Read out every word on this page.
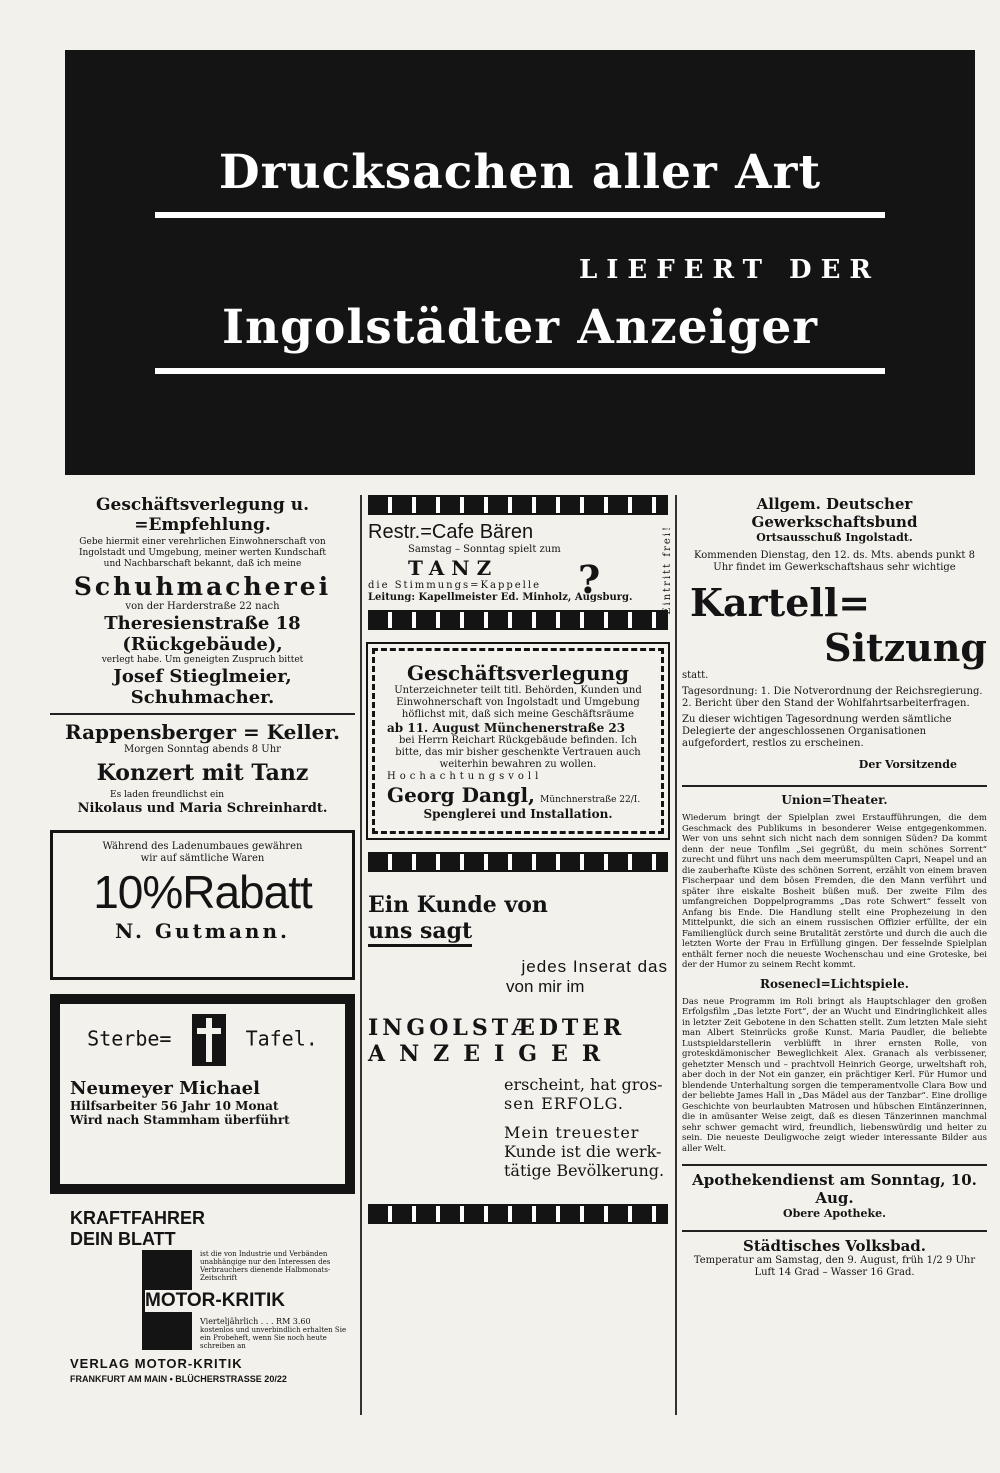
Drucksachen aller Art
LIEFERT DER
Ingolstädter Anzeiger
Geschäftsverlegung u. =Empfehlung.
Gebe hiermit einer verehrlichen Einwohnerschaft von Ingolstadt und Umgebung, meiner werten Kundschaft und Nachbarschaft bekannt, daß ich meine
Schuhmacherei
von der Harderstraße 22 nach
Theresienstraße 18 (Rückgebäude),
verlegt habe. Um geneigten Zuspruch bittet
Josef Stieglmeier, Schuhmacher.
Rappensberger = Keller.
Morgen Sonntag abends 8 Uhr
Konzert mit Tanz
Es laden freundlichst ein
Nikolaus und Maria Schreinhardt.
Während des Ladenumbaues gewähren wir auf sämtliche Waren
10%Rabatt
N. Gutmann.
Sterbe=	Tafel.
Neumeyer Michael
Hilfsarbeiter 56 Jahr 10 Monat
Wird nach Stammham überführt
KRAFTFAHRER
DEIN BLATT
ist die von Industrie und Verbänden unabhängige nur den Interessen des Verbrauchers dienende Halbmonats-Zeitschrift
MOTOR-KRITIK
Vierteljährlich . . . RM 3.60
kostenlos und unverbindlich erhalten Sie ein Probeheft, wenn Sie noch heute schreiben an
VERLAG MOTOR-KRITIK
FRANKFURT AM MAIN • BLÜCHERSTRASSE 20/22
Restr.=Cafe Bären
Samstag – Sonntag spielt zum
TANZ	?
die Stimmungs=Kappelle
Leitung: Kapellmeister Ed. Minholz, Augsburg.	Eintritt frei!
Geschäftsverlegung
Unterzeichneter teilt titl. Behörden, Kunden und Einwohnerschaft von Ingolstadt und Umgebung höflichst mit, daß sich meine Geschäftsräume
ab 11. August Münchenerstraße 23
bei Herrn Reichart Rückgebäude befinden. Ich bitte, das mir bisher geschenkte Vertrauen auch weiterhin bewahren zu wollen.
Hochachtungsvoll
Georg Dangl, Münchnerstraße 22/I.
Spenglerei und Installation.
Ein Kunde von
uns sagt
jedes Inserat das
von mir im
INGOLSTÆDTER
ANZEIGER
erscheint, hat gros-
sen ERFOLG.
Mein treuester
Kunde ist die werk-
tätige Bevölkerung.
Allgem. Deutscher Gewerkschaftsbund
Ortsausschuß Ingolstadt.
Kommenden Dienstag, den 12. ds. Mts. abends punkt 8 Uhr findet im Gewerkschaftshaus sehr wichtige
Kartell=
Sitzung
statt.
Tagesordnung: 1. Die Notverordnung der Reichsregierung. 2. Bericht über den Stand der Wohlfahrtsarbeiterfragen.
Zu dieser wichtigen Tagesordnung werden sämtliche Delegierte der angeschlossenen Organisationen aufgefordert, restlos zu erscheinen.
Der Vorsitzende
Union=Theater.
Wiederum bringt der Spielplan zwei Erstaufführungen, die dem Geschmack des Publikums in besonderer Weise entgegenkommen. Wer von uns sehnt sich nicht nach dem sonnigen Süden? Da kommt denn der neue Tonfilm „Sei gegrüßt, du mein schönes Sorrent“ zurecht und führt uns nach dem meerumspülten Capri, Neapel und an die zauberhafte Küste des schönen Sorrent, erzählt von einem braven Fischerpaar und dem bösen Fremden, die den Mann verführt und später ihre eiskalte Bosheit büßen muß. Der zweite Film des umfangreichen Doppelprogramms „Das rote Schwert“ fesselt von Anfang bis Ende. Die Handlung stellt eine Prophezeiung in den Mittelpunkt, die sich an einem russischen Offizier erfüllte, der ein Familienglück durch seine Brutalität zerstörte und durch die auch die letzten Worte der Frau in Erfüllung gingen. Der fesselnde Spielplan enthält ferner noch die neueste Wochenschau und eine Groteske, bei der der Humor zu seinem Recht kommt.
Rosenecl=Lichtspiele.
Das neue Programm im Roli bringt als Hauptschlager den großen Erfolgsfilm „Das letzte Fort“, der an Wucht und Eindringlichkeit alles in letzter Zeit Gebotene in den Schatten stellt. Zum letzten Male sieht man Albert Steinrücks große Kunst. Maria Paudler, die beliebte Lustspieldarstellerin verblüfft in ihrer ernsten Rolle, von groteskdämonischer Beweglichkeit Alex. Granach als verbissener, gehetzter Mensch und – prachtvoll Heinrich George, urweltshaft roh, aber doch in der Not ein ganzer, ein prächtiger Kerl. Für Humor und blendende Unterhaltung sorgen die temperamentvolle Clara Bow und der beliebte James Hall in „Das Mädel aus der Tanzbar“. Eine drollige Geschichte von beurlaubten Matrosen und hübschen Eintänzerinnen, die in amüsanter Weise zeigt, daß es diesen Tänzerinnen manchmal sehr schwer gemacht wird, freundlich, liebenswürdig und heiter zu sein. Die neueste Deuligwoche zeigt wieder interessante Bilder aus aller Welt.
Apothekendienst am Sonntag, 10. Aug.
Obere Apotheke.
Städtisches Volksbad.
Temperatur am Samstag, den 9. August, früh 1/2 9 Uhr Luft 14 Grad – Wasser 16 Grad.
